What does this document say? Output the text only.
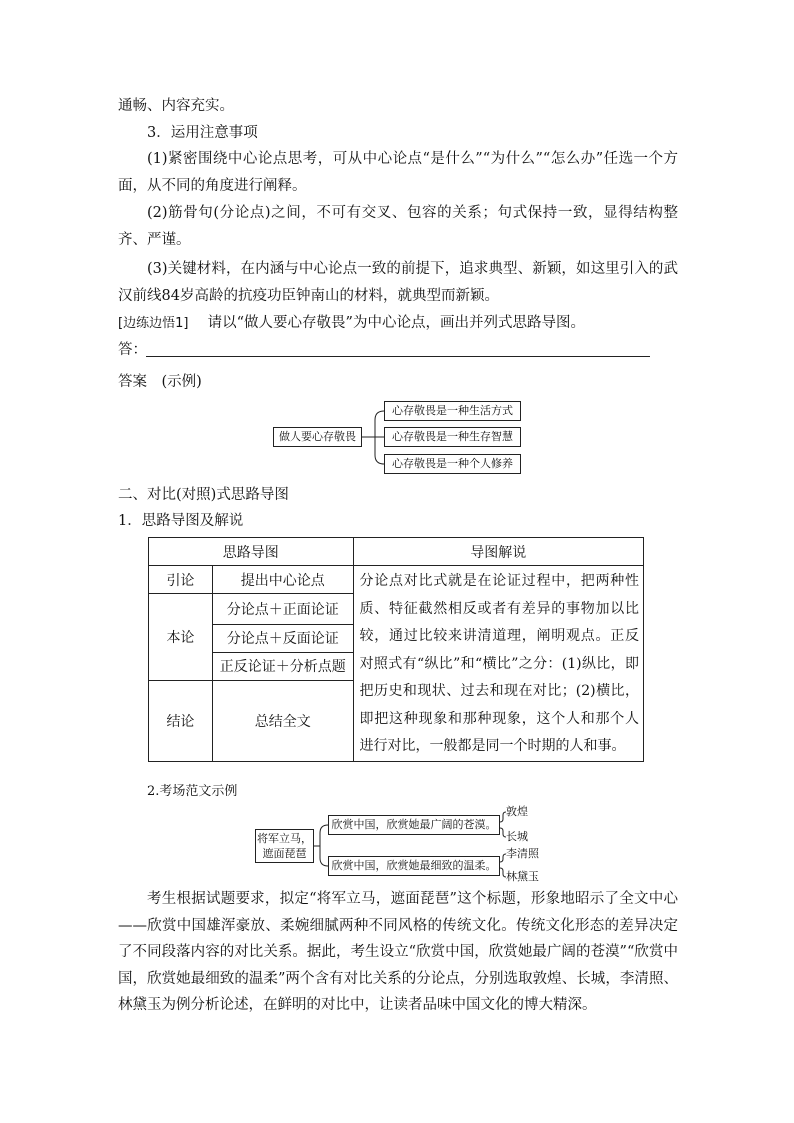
通畅、内容充实。
3．运用注意事项
(1)紧密围绕中心论点思考，可从中心论点“是什么”“为什么”“怎么办”任选一个方面，从不同的角度进行阐释。
(2)筋骨句(分论点)之间，不可有交叉、包容的关系；句式保持一致，显得结构整齐、严谨。
(3)关键材料，在内涵与中心论点一致的前提下，追求典型、新颖，如这里引入的武汉前线84岁高龄的抗疫功臣钟南山的材料，就典型而新颖。
[边练边悟1] 请以“做人要心存敬畏”为中心论点，画出并列式思路导图。
答：
答案　(示例)
做人要心存敬畏
心存敬畏是一种生活方式
心存敬畏是一种生存智慧
心存敬畏是一种个人修养
二、对比(对照)式思路导图
1．思路导图及解说
思路导图		导图解说
引论	提出中心论点	分论点对比式就是在论证过程中，把两种性质、特征截然相反或者有差异的事物加以比较，通过比较来讲清道理，阐明观点。正反对照式有“纵比”和“横比”之分：(1)纵比，即把历史和现状、过去和现在对比；(2)横比，即把这种现象和那种现象，这个人和那个人进行对比，一般都是同一个时期的人和事。
本论	分论点＋正面论证	
	分论点＋反面论证	
	正反论证＋分析点题	
结论	总结全文	
2.考场范文示例
将军立马，
遮面琵琶
欣赏中国，欣赏她最广阔的苍漠。
欣赏中国，欣赏她最细致的温柔。
敦煌
长城
李清照
林黛玉
考生根据试题要求，拟定“将军立马，遮面琵琶”这个标题，形象地昭示了全文中心——欣赏中国雄浑豪放、柔婉细腻两种不同风格的传统文化。传统文化形态的差异决定了不同段落内容的对比关系。据此，考生设立“欣赏中国，欣赏她最广阔的苍漠”“欣赏中国，欣赏她最细致的温柔”两个含有对比关系的分论点，分别选取敦煌、长城，李清照、林黛玉为例分析论述，在鲜明的对比中，让读者品味中国文化的博大精深。
